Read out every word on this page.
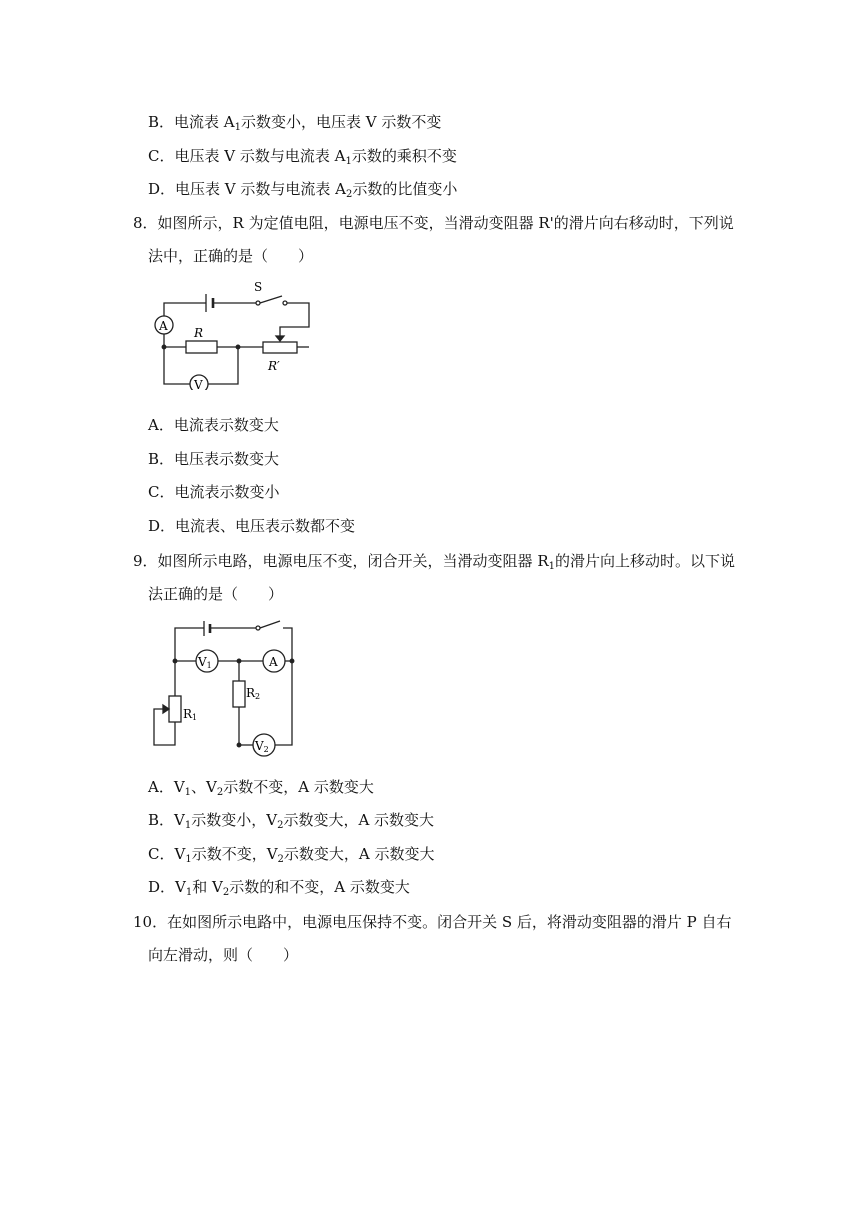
B．电流表 $A_1$示数变小，电压表 V 示数不变
C．电压表 V 示数与电流表 $A_1$示数的乘积不变
D．电压表 V 示数与电流表 $A_2$示数的比值变小
8．如图所示，R 为定值电阻，电源电压不变，当滑动变阻器 R'的滑片向右移动时，下列说
法中，正确的是（　　）
S
A R
R′
V
A．电流表示数变大
B．电压表示数变大
C．电流表示数变小
D．电流表、电压表示数都不变
9．如图所示电路，电源电压不变，闭合开关，当滑动变阻器 $R_1$的滑片向上移动时。以下说
法正确的是（　　）
V1	A
R2
R1
V2
A．$V_1$、$V_2$示数不变，A 示数变大
B．$V_1$示数变小，$V_2$示数变大，A 示数变大
C．$V_1$示数不变，$V_2$示数变大，A 示数变大
D．$V_1$和 $V_2$示数的和不变，A 示数变大
10．在如图所示电路中，电源电压保持不变。闭合开关 S 后，将滑动变阻器的滑片 P 自右
向左滑动，则（　　）
